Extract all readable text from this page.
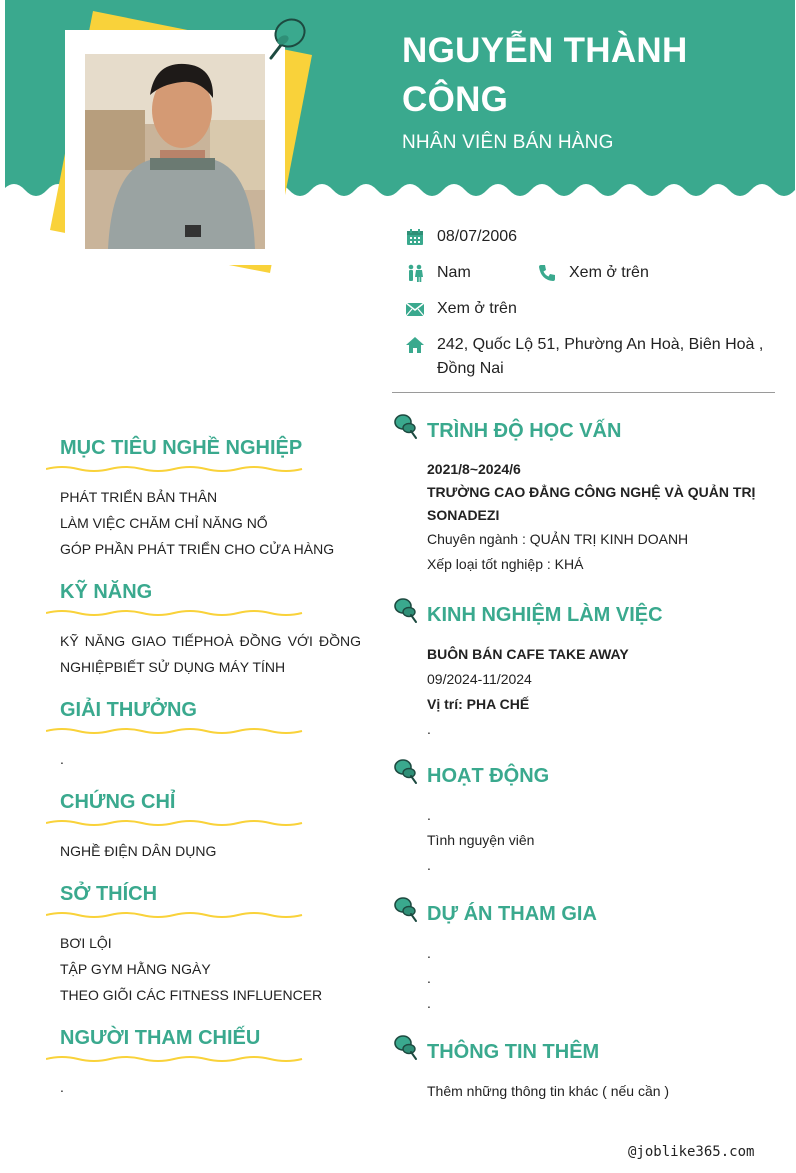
NGUYỄN THÀNH CÔNG
NHÂN VIÊN BÁN HÀNG
08/07/2006
Nam	Xem ở trên
Xem ở trên
242, Quốc Lộ 51, Phường An Hoà, Biên Hoà , Đồng Nai
MỤC TIÊU NGHỀ NGHIỆP
PHÁT TRIỂN BẢN THÂN
LÀM VIỆC CHĂM CHỈ NĂNG NỔ
GÓP PHẦN PHÁT TRIỂN CHO CỬA HÀNG
KỸ NĂNG
KỸ NĂNG GIAO TIẾPHOÀ ĐỒNG VỚI ĐỒNG NGHIỆPBIẾT SỬ DỤNG MÁY TÍNH
GIẢI THƯỞNG
.
CHỨNG CHỈ
NGHỀ ĐIỆN DÂN DỤNG
SỞ THÍCH
BƠI LỘI
TẬP GYM HẰNG NGÀY
THEO GIÕI CÁC FITNESS INFLUENCER
NGƯỜI THAM CHIẾU
.
TRÌNH ĐỘ HỌC VẤN
2021/8~2024/6
TRƯỜNG CAO ĐẲNG CÔNG NGHỆ VÀ QUẢN TRỊ SONADEZI
Chuyên ngành : QUẢN TRỊ KINH DOANH
Xếp loại tốt nghiệp : KHÁ
KINH NGHIỆM LÀM VIỆC
BUÔN BÁN CAFE TAKE AWAY
09/2024-11/2024
Vị trí: PHA CHẾ
.
HOẠT ĐỘNG
.
Tình nguyện viên
.
DỰ ÁN THAM GIA
.
.
.
THÔNG TIN THÊM
Thêm những thông tin khác ( nếu cần )
@joblike365.com
